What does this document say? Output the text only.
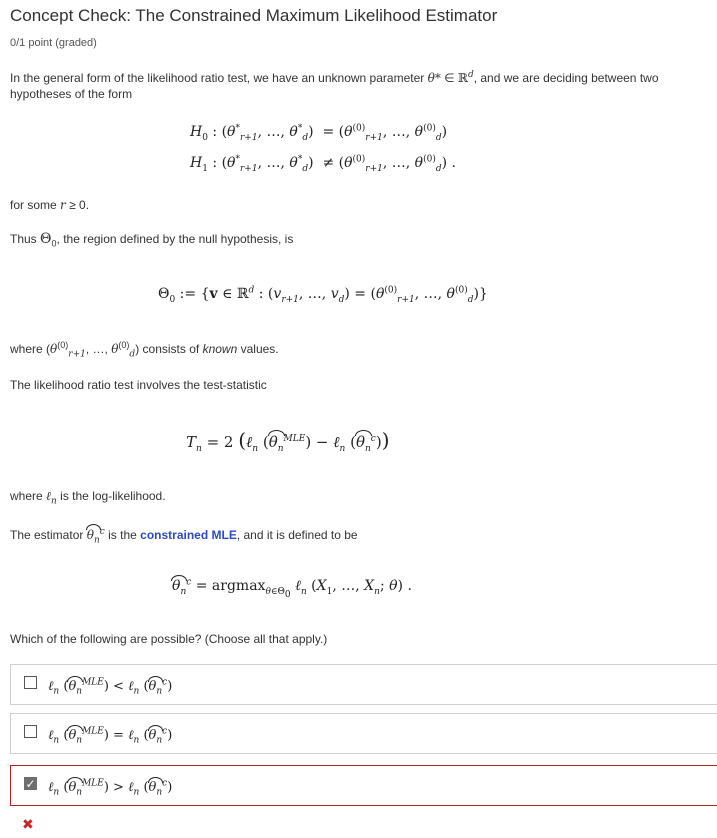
Concept Check: The Constrained Maximum Likelihood Estimator
0/1 point (graded)
In the general form of the likelihood ratio test, we have an unknown parameter θ* ∈ ℝ$^d$, and we are deciding between two
hypotheses of the form
$H_0$ : ($\theta^*_{r+1}$, …, $\theta^*_d) = (\theta^{(0)}_{r+1}$, …, $\theta^{(0)}_d$)
$H_1$ : ($\theta^*_{r+1}$, …, $\theta^*_d) \ne (\theta^{(0)}_{r+1}$, …, $\theta^{(0)}_d$) .
for some r ≥ 0.
Thus $\Theta_0$, the region defined by the null hypothesis, is
$\Theta_0$ := {v ∈ ℝ$^d$ : ($v_{r+1}$, …, $v_d) = (\theta^{(0)}_{r+1}$, …, $\theta^{(0)}_d$)}
where ($\theta^{(0)}_{r+1}$, …, $\theta^{(0)}_d$) consists of known values.
The likelihood ratio test involves the test-statistic
$T_n = 2$ (ℓ$_n$ $(\theta_n^{MLE})$ − ℓ$_n$ $(\theta_n^c)$)
where ℓ$_n$ is the log-likelihood.
The estimator $\theta_n^c$ is the constrained MLE, and it is defined to be
$\theta_n^c = argmax_{\theta\in\Theta_0}$ ℓ$_n$ ($X_1$, …, $X_n$; θ) .
Which of the following are possible? (Choose all that apply.)
ℓ$_n$ $(\theta_n^{MLE})$ < ℓ$_n$ $(\theta_n^c)$
ℓ$_n$ $(\theta_n^{MLE})$ = ℓ$_n$ $(\theta_n^c)$
✓ ℓ$_n$ $(\theta_n^{MLE})$ > ℓ$_n$ $(\theta_n^c)$
✖
